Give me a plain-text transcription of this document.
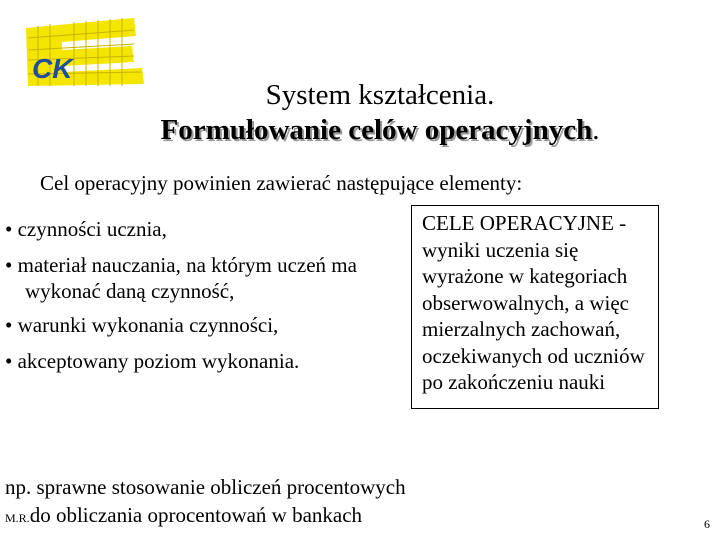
CK
System kształcenia.
Formułowanie celów operacyjnych.
Cel operacyjny powinien zawierać następujące elementy:
• czynności ucznia,
• materiał nauczania, na którym uczeń ma
wykonać daną czynność,
• warunki wykonania czynności,
• akceptowany poziom wykonania.
CELE OPERACYJNE -
wyniki uczenia się
wyrażone w kategoriach
obserwowalnych, a więc
mierzalnych zachowań,
oczekiwanych od uczniów
po zakończeniu nauki
np. sprawne stosowanie obliczeń procentowych
M.R.do obliczania oprocentowań w bankach	6
